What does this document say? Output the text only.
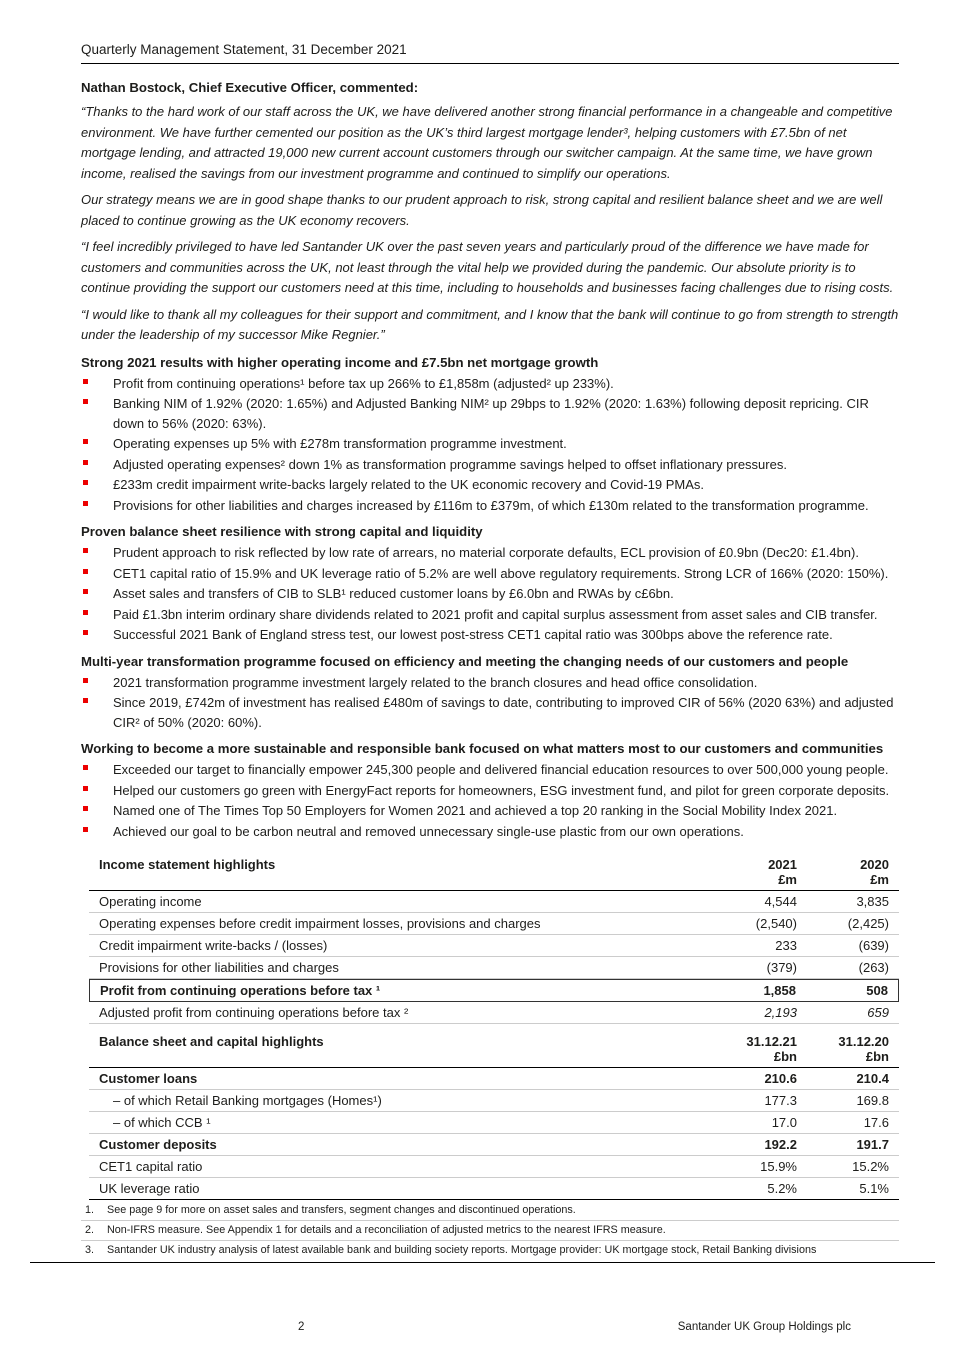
Quarterly Management Statement, 31 December 2021
Nathan Bostock, Chief Executive Officer, commented:

“Thanks to the hard work of our staff across the UK, we have delivered another strong financial performance in a changeable and competitive environment. We have further cemented our position as the UK’s third largest mortgage lender³, helping customers with £7.5bn of net mortgage lending, and attracted 19,000 new current account customers through our switcher campaign. At the same time, we have grown income, realised the savings from our investment programme and continued to simplify our operations.

Our strategy means we are in good shape thanks to our prudent approach to risk, strong capital and resilient balance sheet and we are well placed to continue growing as the UK economy recovers.

“I feel incredibly privileged to have led Santander UK over the past seven years and particularly proud of the difference we have made for customers and communities across the UK, not least through the vital help we provided during the pandemic. Our absolute priority is to continue providing the support our customers need at this time, including to households and businesses facing challenges due to rising costs.

“I would like to thank all my colleagues for their support and commitment, and I know that the bank will continue to go from strength to strength under the leadership of my successor Mike Regnier.”

Strong 2021 results with higher operating income and £7.5bn net mortgage growth
Profit from continuing operations¹ before tax up 266% to £1,858m (adjusted² up 233%).
Banking NIM of 1.92% (2020: 1.65%) and Adjusted Banking NIM² up 29bps to 1.92% (2020: 1.63%) following deposit repricing. CIR down to 56% (2020: 63%).
Operating expenses up 5% with £278m transformation programme investment.
Adjusted operating expenses² down 1% as transformation programme savings helped to offset inflationary pressures.
£233m credit impairment write-backs largely related to the UK economic recovery and Covid-19 PMAs.
Provisions for other liabilities and charges increased by £116m to £379m, of which £130m related to the transformation programme.
Proven balance sheet resilience with strong capital and liquidity
Prudent approach to risk reflected by low rate of arrears, no material corporate defaults, ECL provision of £0.9bn (Dec20: £1.4bn).
CET1 capital ratio of 15.9% and UK leverage ratio of 5.2% are well above regulatory requirements. Strong LCR of 166% (2020: 150%).
Asset sales and transfers of CIB to SLB¹ reduced customer loans by £6.0bn and RWAs by c£6bn.
Paid £1.3bn interim ordinary share dividends related to 2021 profit and capital surplus assessment from asset sales and CIB transfer.
Successful 2021 Bank of England stress test, our lowest post-stress CET1 capital ratio was 300bps above the reference rate.
Multi-year transformation programme focused on efficiency and meeting the changing needs of our customers and people
2021 transformation programme investment largely related to the branch closures and head office consolidation.
Since 2019, £742m of investment has realised £480m of savings to date, contributing to improved CIR of 56% (2020 63%) and adjusted CIR² of 50% (2020: 60%).
Working to become a more sustainable and responsible bank focused on what matters most to our customers and communities
Exceeded our target to financially empower 245,300 people and delivered financial education resources to over 500,000 young people.
Helped our customers go green with EnergyFact reports for homeowners, ESG investment fund, and pilot for green corporate deposits.
Named one of The Times Top 50 Employers for Women 2021 and achieved a top 20 ranking in the Social Mobility Index 2021.
Achieved our goal to be carbon neutral and removed unnecessary single-use plastic from our own operations.
Income statement highlights	2021	2020
£m	£m
Operating income	4,544	3,835
Operating expenses before credit impairment losses, provisions and charges	(2,540)	(2,425)
Credit impairment write-backs / (losses)	233	(639)
Provisions for other liabilities and charges	(379)	(263)
Profit from continuing operations before tax ¹	1,858	508
Adjusted profit from continuing operations before tax ²	2,193	659
Balance sheet and capital highlights	31.12.21	31.12.20
£bn	£bn
Customer loans	210.6	210.4
– of which Retail Banking mortgages (Homes¹)	177.3	169.8
– of which CCB ¹	17.0	17.6
Customer deposits	192.2	191.7
CET1 capital ratio	15.9%	15.2%
UK leverage ratio	5.2%	5.1%
1.	See page 9 for more on asset sales and transfers, segment changes and discontinued operations.
2.	Non-IFRS measure. See Appendix 1 for details and a reconciliation of adjusted metrics to the nearest IFRS measure.
3.	Santander UK industry analysis of latest available bank and building society reports. Mortgage provider: UK mortgage stock, Retail Banking divisions
2	Santander UK Group Holdings plc
